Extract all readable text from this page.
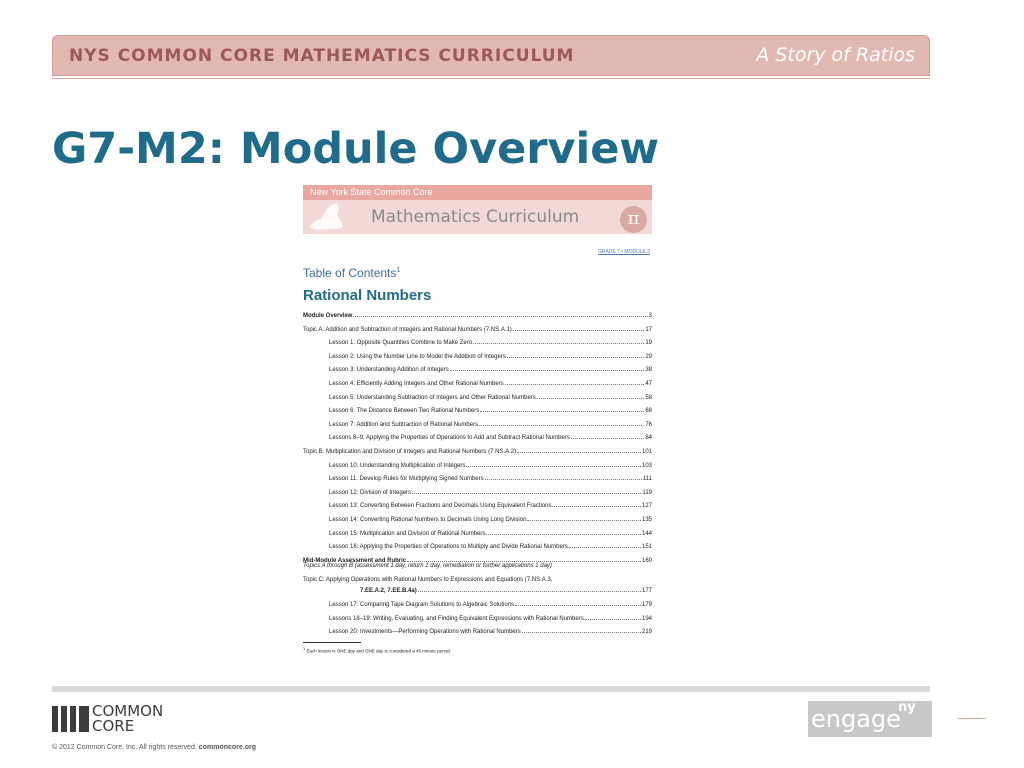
NYS COMMON CORE MATHEMATICS CURRICULUM	A Story of Ratios
G7-M2: Module Overview
New York State Common Core
Mathematics Curriculum	π
GRADE 7 • MODULE 2
Table of Contents$^1$
Rational Numbers
Module Overview	3
Topic A: Addition and Subtraction of Integers and Rational Numbers (7.NS.A.1)	17
Lesson 1: Opposite Quantities Combine to Make Zero	19
Lesson 2: Using the Number Line to Model the Addition of Integers	29
Lesson 3: Understanding Addition of Integers	38
Lesson 4: Efficiently Adding Integers and Other Rational Numbers	47
Lesson 5: Understanding Subtraction of Integers and Other Rational Numbers	58
Lesson 6: The Distance Between Two Rational Numbers	68
Lesson 7: Addition and Subtraction of Rational Numbers	76
Lessons 8–9: Applying the Properties of Operations to Add and Subtract Rational Numbers	84
Topic B: Multiplication and Division of Integers and Rational Numbers (7.NS.A.2)	101
Lesson 10: Understanding Multiplication of Integers	103
Lesson 11: Develop Rules for Multiplying Signed Numbers	111
Lesson 12: Division of Integers	119
Lesson 13: Converting Between Fractions and Decimals Using Equivalent Fractions	127
Lesson 14: Converting Rational Numbers to Decimals Using Long Division	135
Lesson 15: Multiplication and Division of Rational Numbers	144
Lesson 16: Applying the Properties of Operations to Multiply and Divide Rational Numbers	151
Mid-Module Assessment and Rubric	160
Topics A through B (assessment 1 day, return 1 day, remediation or further applications 1 day)
Topic C: Applying Operations with Rational Numbers to Expressions and Equations (7.NS.A.3,
7.EE.A.2, 7.EE.B.4a)	177
Lesson 17: Comparing Tape Diagram Solutions to Algebraic Solutions	179
Lessons 18–19: Writing, Evaluating, and Finding Equivalent Expressions with Rational Numbers	194
Lesson 20: Investments—Performing Operations with Rational Numbers	219
$^1$ Each lesson is ONE day and ONE day is considered a 45 minute period.
COMMON
CORE
© 2012 Common Core, Inc. All rights reserved. commoncore.org
engage
ny
